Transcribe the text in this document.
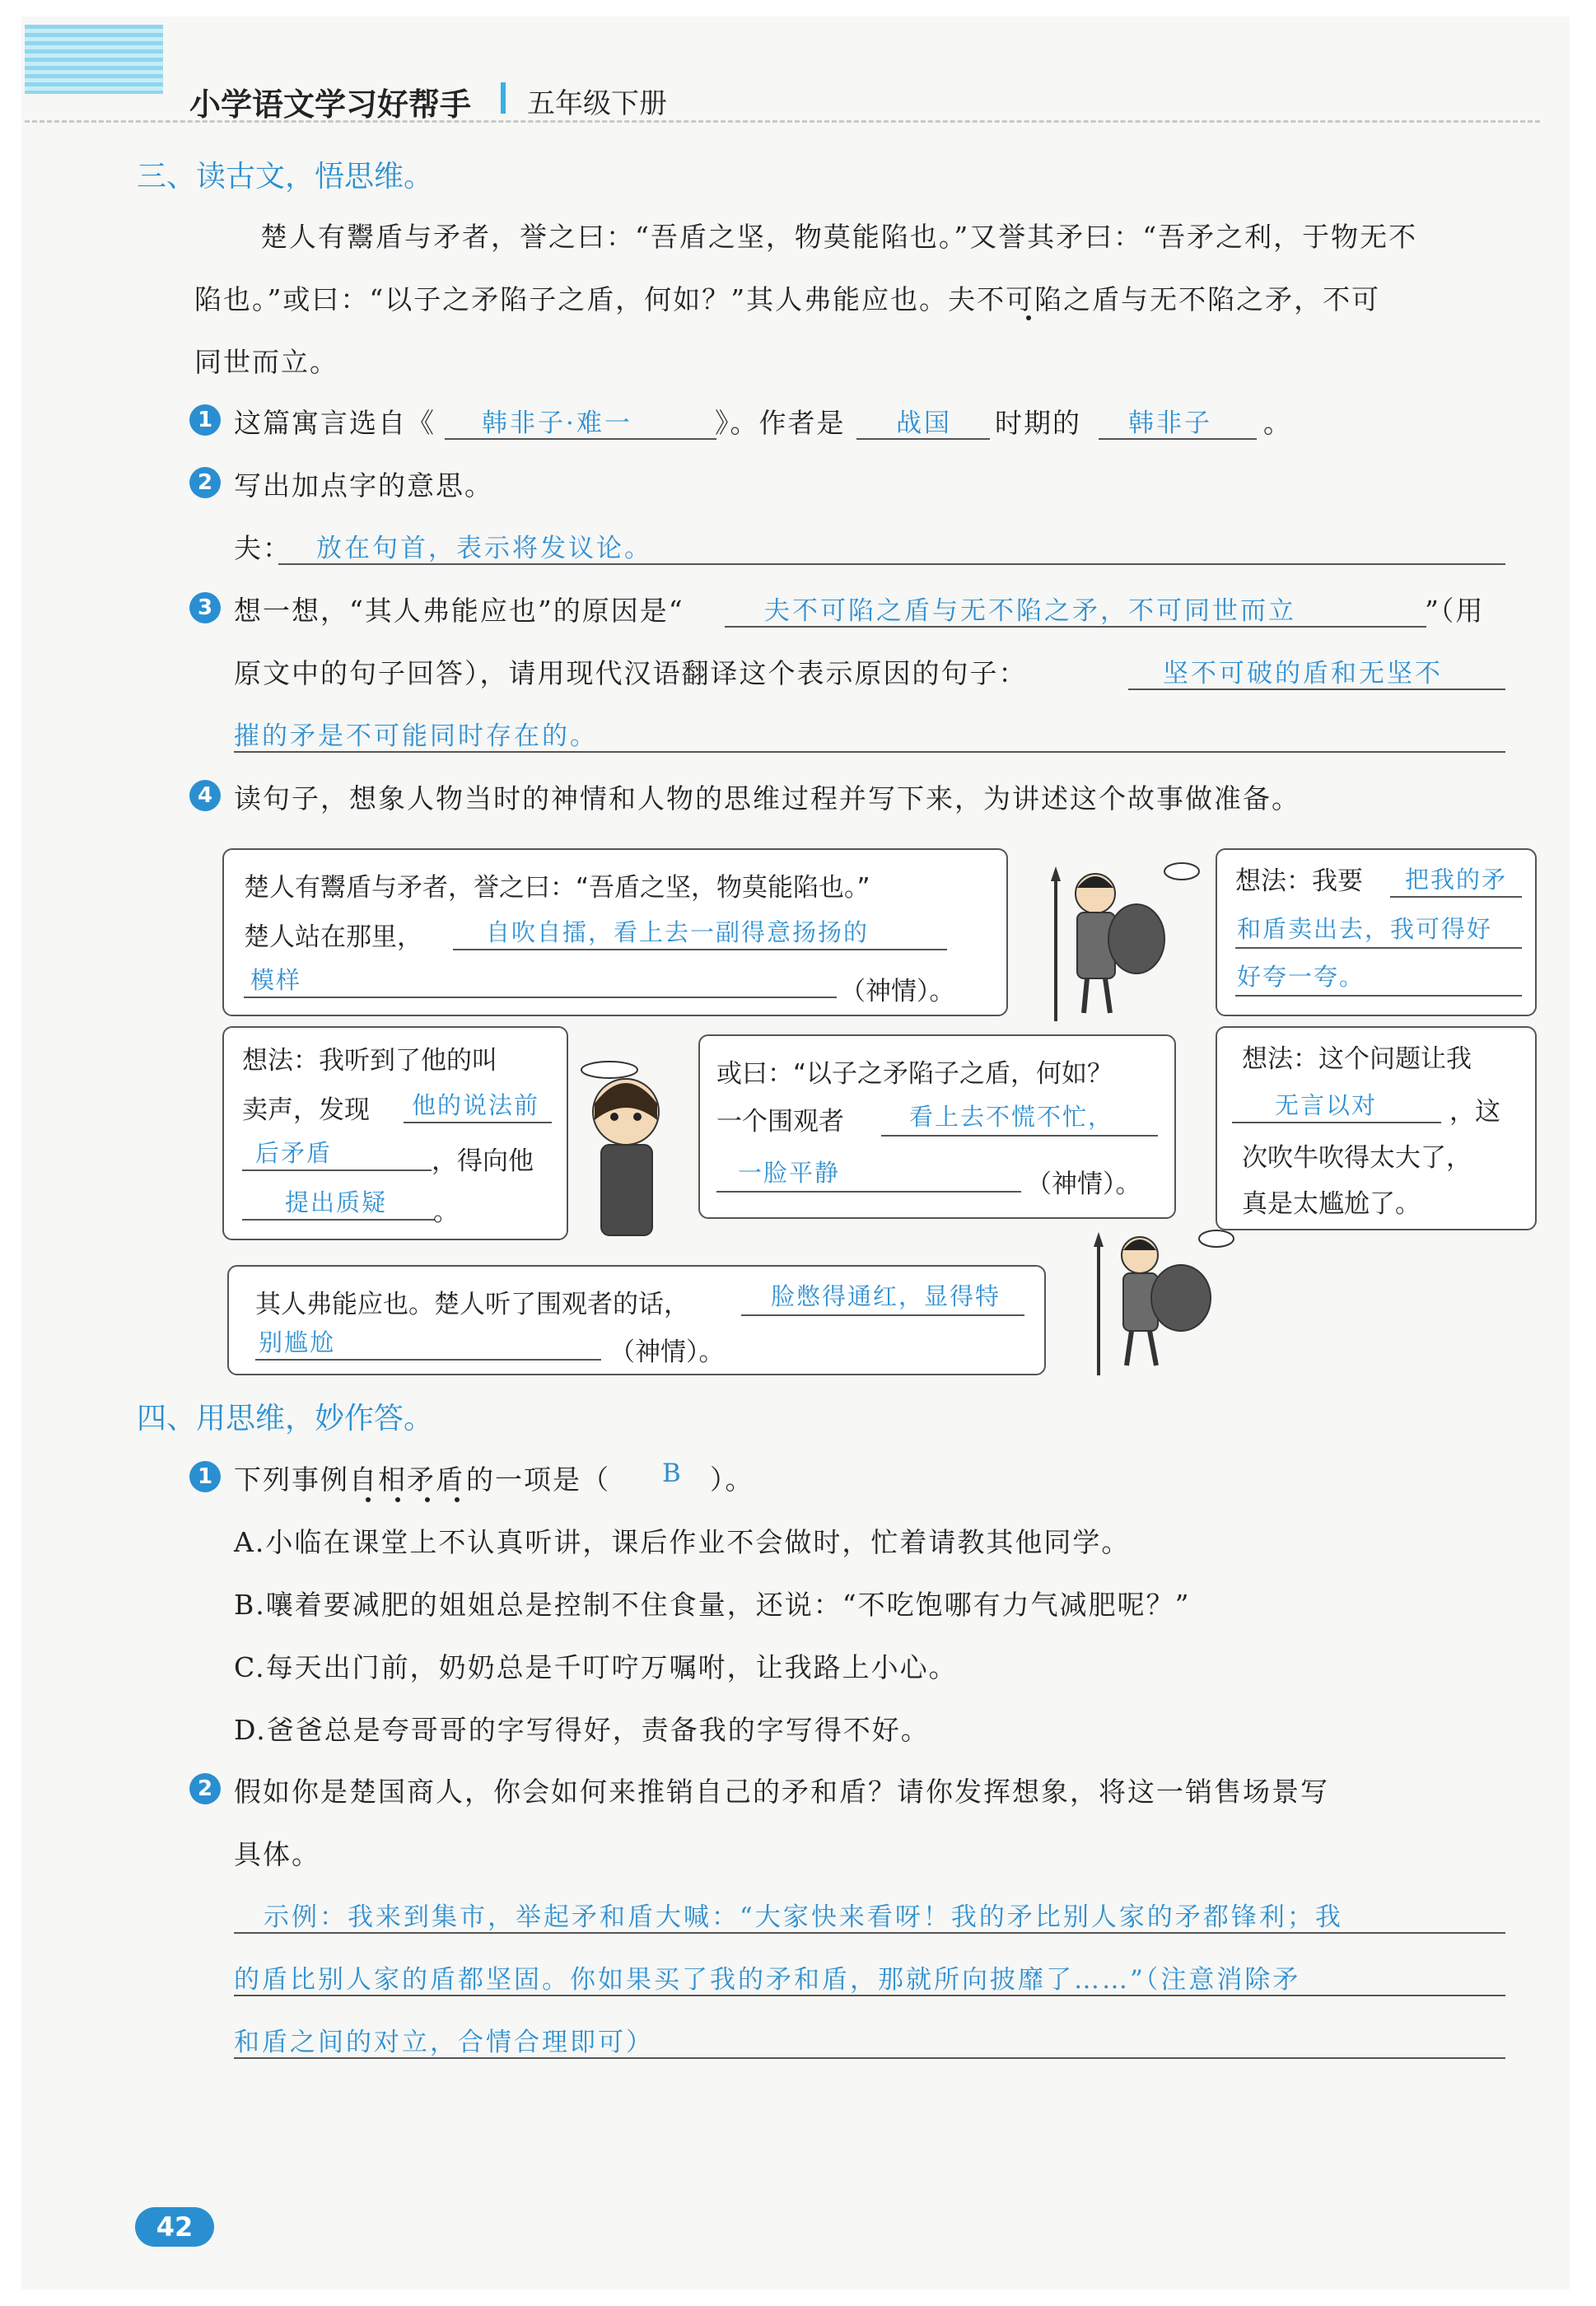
小学语文学习好帮手 五年级下册
三、读古文，悟思维。
楚人有鬻盾与矛者，誉之曰：“吾盾之坚，物莫能陷也。”又誉其矛曰：“吾矛之利，于物无不
陷也。”或曰：“以子之矛陷子之盾，何如？”其人弗能应也。夫不可陷之盾与无不陷之矛，不可
同世而立。
1 这篇寓言选自《 韩非子·难一	》。作者是 战国 时期的 韩非子 。
2 写出加点字的意思。
夫： 放在句首，表示将发议论。
3 想一想，“其人弗能应也”的原因是“	夫不可陷之盾与无不陷之矛，不可同世而立	”（用
原文中的句子回答），请用现代汉语翻译这个表示原因的句子：	坚不可破的盾和无坚不
摧的矛是不可能同时存在的。
4 读句子，想象人物当时的神情和人物的思维过程并写下来，为讲述这个故事做准备。
楚人有鬻盾与矛者，誉之曰：“吾盾之坚，物莫能陷也。”
楚人站在那里，	自吹自擂，看上去一副得意扬扬的
模样	（神情）。
想法：我要 把我的矛
和盾卖出去，我可得好
好夸一夸。
想法：我听到了他的叫
卖声，发现 他的说法前
后矛盾	，得向他
提出质疑 。
或曰：“以子之矛陷子之盾，何如？
一个围观者	看上去不慌不忙，
一脸平静	（神情）。
想法：这个问题让我
无言以对	，这
次吹牛吹得太大了，
真是太尴尬了。
其人弗能应也。楚人听了围观者的话，	脸憋得通红，显得特
别尴尬	（神情）。
四、用思维，妙作答。
1 下列事例 自相矛盾 的一项是（ B ）。
A.小临在课堂上不认真听讲，课后作业不会做时，忙着请教其他同学。
B.嚷着要减肥的姐姐总是控制不住食量，还说：“不吃饱哪有力气减肥呢？”
C.每天出门前，奶奶总是千叮咛万嘱咐，让我路上小心。
D.爸爸总是夸哥哥的字写得好，责备我的字写得不好。
2 假如你是楚国商人，你会如何来推销自己的矛和盾？请你发挥想象，将这一销售场景写
具体。
示例：我来到集市，举起矛和盾大喊：“大家快来看呀！我的矛比别人家的矛都锋利；我
的盾比别人家的盾都坚固。你如果买了我的矛和盾，那就所向披靡了……”（注意消除矛
和盾之间的对立，合情合理即可）
42
